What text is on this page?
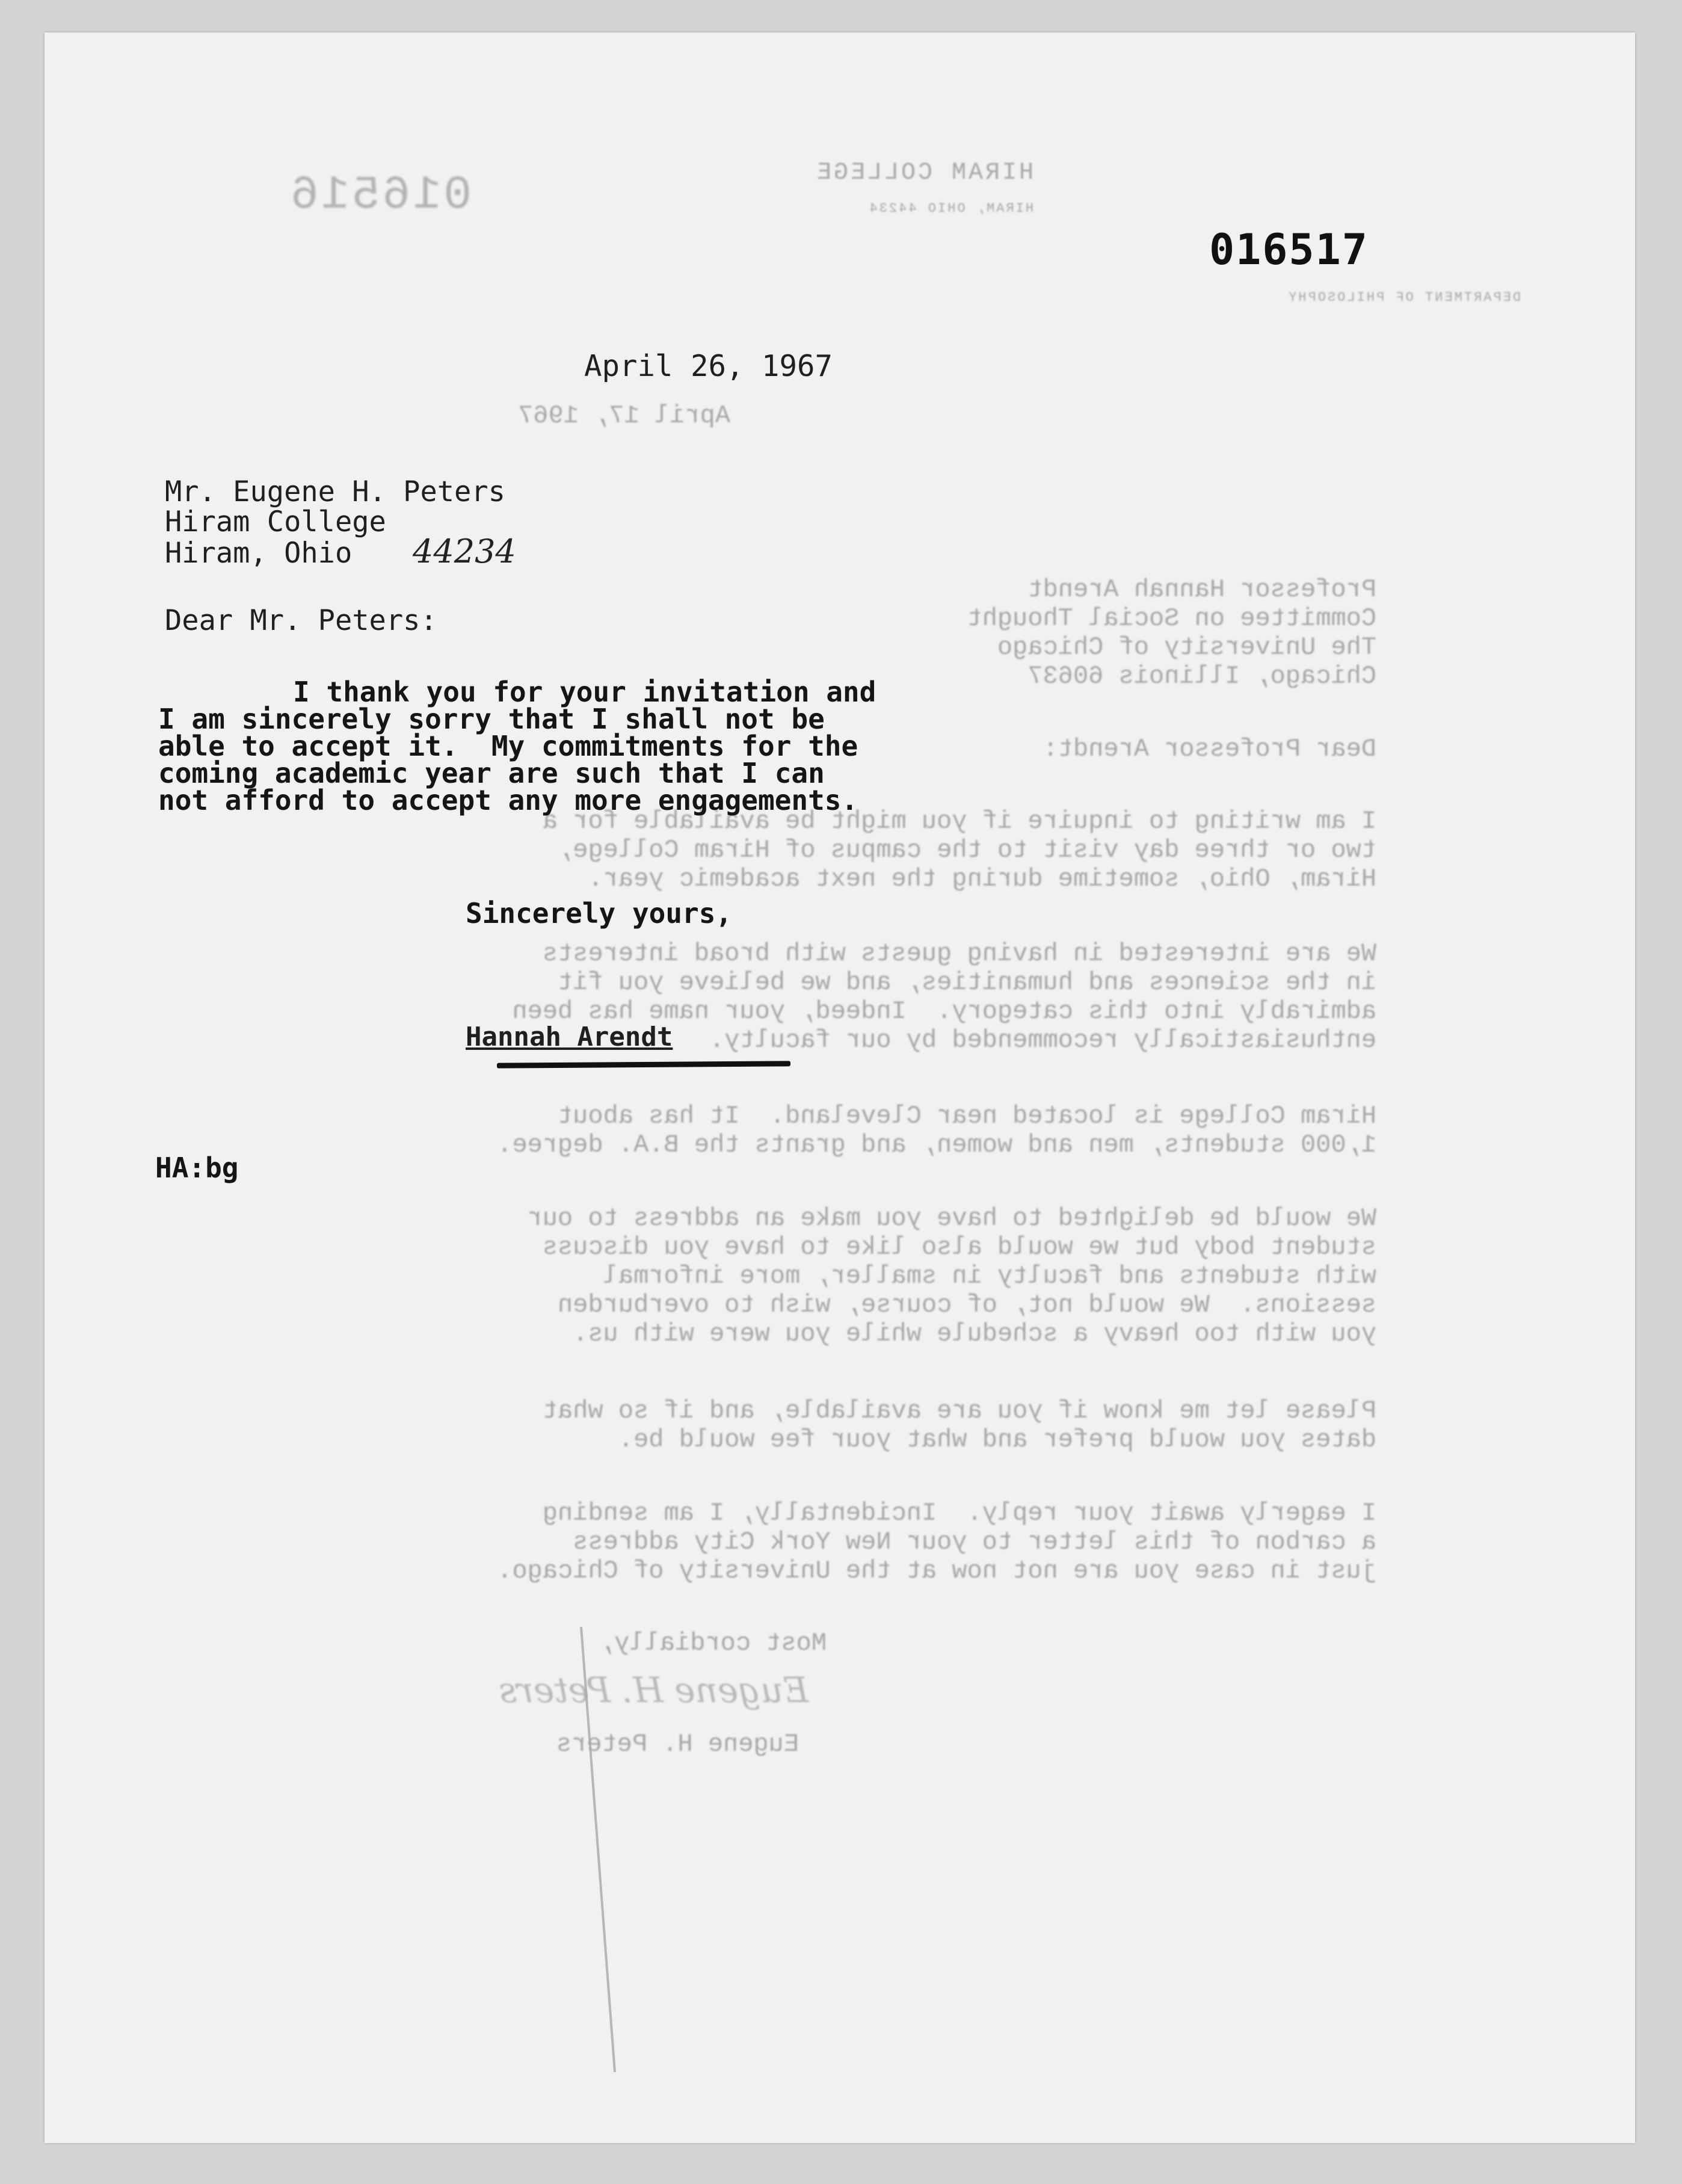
016516	HIRAM COLLEGE
HIRAM, OHIO 44234
DEPARTMENT OF PHILOSOPHY
April 17, 1967
Professor Hannah Arendt
Committee on Social Thought
The University of Chicago
Chicago, Illinois 60637
Dear Professor Arendt:
I am writing to inquire if you might be available for a
two or three day visit to the campus of Hiram College,
Hiram, Ohio, sometime during the next academic year.
We are interested in having guests with broad interests
in the sciences and humanities, and we believe you fit
admirably into this category.  Indeed, your name has been
enthusiastically recommended by our faculty.
Hiram College is located near Cleveland.  It has about
1,000 students, men and women, and grants the B.A. degree.
We would be delighted to have you make an address to our
student body but we would also like to have you discuss
with students and faculty in smaller, more informal
sessions.  We would not, of course, wish to overburden
you with too heavy a schedule while you were with us.
Please let me know if you are available, and if so what
dates you would prefer and what your fee would be.
I eagerly await your reply.  Incidentally, I am sending
a carbon of this letter to your New York City address
just in case you are not now at the University of Chicago.
Most cordially,
Eugene H. Peters
Eugene H. Peters
016517
April 26, 1967
Mr. Eugene H. Peters
Hiram College
Hiram, Ohio 44234
Dear Mr. Peters:
I thank you for your invitation and
I am sincerely sorry that I shall not be
able to accept it.  My commitments for the
coming academic year are such that I can
not afford to accept any more engagements.
Sincerely yours,
Hannah Arendt
HA:bg
